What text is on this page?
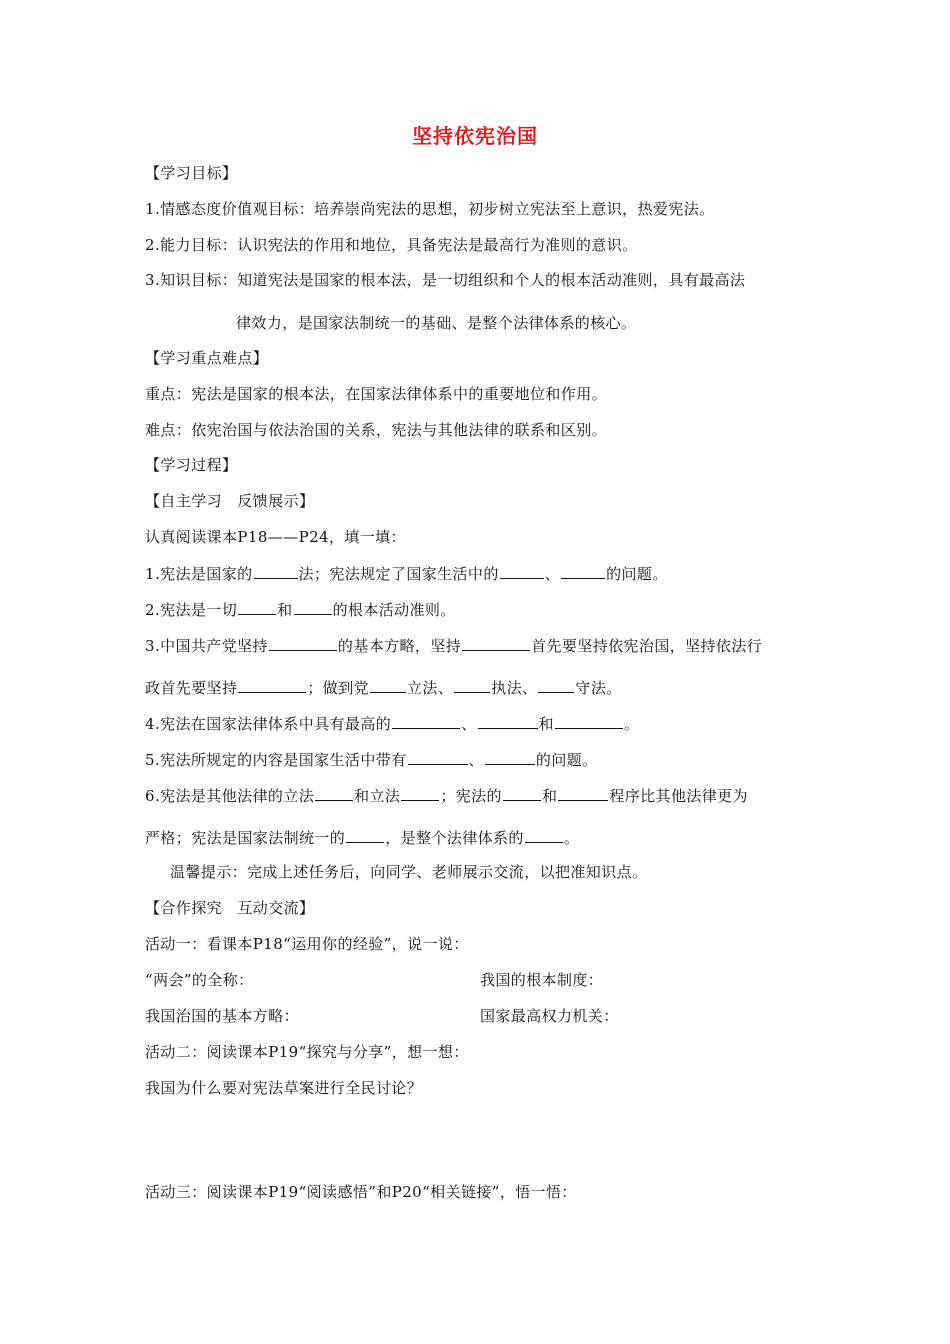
坚持依宪治国
【学习目标】
1.情感态度价值观目标：培养崇尚宪法的思想，初步树立宪法至上意识，热爱宪法。
2.能力目标：认识宪法的作用和地位，具备宪法是最高行为准则的意识。
3.知识目标：知道宪法是国家的根本法，是一切组织和个人的根本活动准则，具有最高法
律效力，是国家法制统一的基础、是整个法律体系的核心。
【学习重点难点】
重点：宪法是国家的根本法，在国家法律体系中的重要地位和作用。
难点：依宪治国与依法治国的关系，宪法与其他法律的联系和区别。
【学习过程】
【自主学习　反馈展示】
认真阅读课本P18——P24，填一填：
1.宪法是国家的	法；宪法规定了国家生活中的	、	的问题。
2.宪法是一切	和	的根本活动准则。
3.中国共产党坚持	的基本方略，坚持	首先要坚持依宪治国，坚持依法行
政首先要坚持	；做到党	立法、	执法、	守法。
4.宪法在国家法律体系中具有最高的	、	和	。
5.宪法所规定的内容是国家生活中带有	、	的问题。
6.宪法是其他法律的立法	和立法	；宪法的	和	程序比其他法律更为
严格；宪法是国家法制统一的	，是整个法律体系的	。
温馨提示：完成上述任务后，向同学、老师展示交流，以把准知识点。
【合作探究　互动交流】
活动一：看课本P18“运用你的经验”，说一说：
“两会”的全称：	我国的根本制度：
我国治国的基本方略：	国家最高权力机关：
活动二：阅读课本P19“探究与分享”，想一想：
我国为什么要对宪法草案进行全民讨论？
活动三：阅读课本P19“阅读感悟”和P20“相关链接”，悟一悟：
